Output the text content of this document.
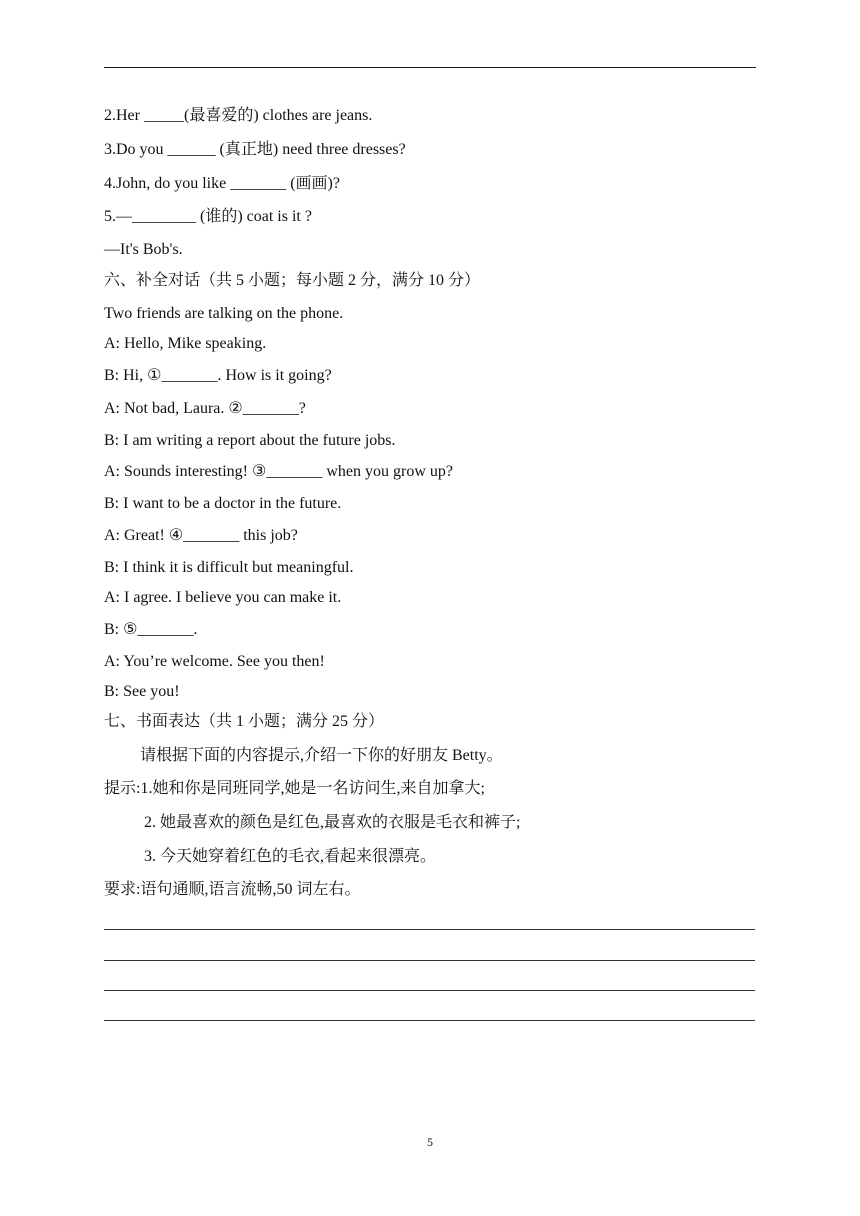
2.Her _____(最喜爱的) clothes are jeans.
3.Do you ______ (真正地) need three dresses?
4.John, do you like _______ (画画)?
5.—________ (谁的) coat is it ?
—It's Bob's.
六、补全对话（共 5 小题；每小题 2 分，满分 10 分）
Two friends are talking on the phone.
A: Hello, Mike speaking.
B: Hi, ①_______. How is it going?
A: Not bad, Laura. ②_______?
B: I am writing a report about the future jobs.
A: Sounds interesting! ③_______ when you grow up?
B: I want to be a doctor in the future.
A: Great! ④_______ this job?
B: I think it is difficult but meaningful.
A: I agree. I believe you can make it.
B: ⑤_______.
A: You’re welcome. See you then!
B: See you!
七、书面表达（共 1 小题；满分 25 分）
请根据下面的内容提示,介绍一下你的好朋友 Betty。
提示:1.她和你是同班同学,她是一名访问生,来自加拿大;
2. 她最喜欢的颜色是红色,最喜欢的衣服是毛衣和裤子;
3. 今天她穿着红色的毛衣,看起来很漂亮。
要求:语句通顺,语言流畅,50 词左右。
5
